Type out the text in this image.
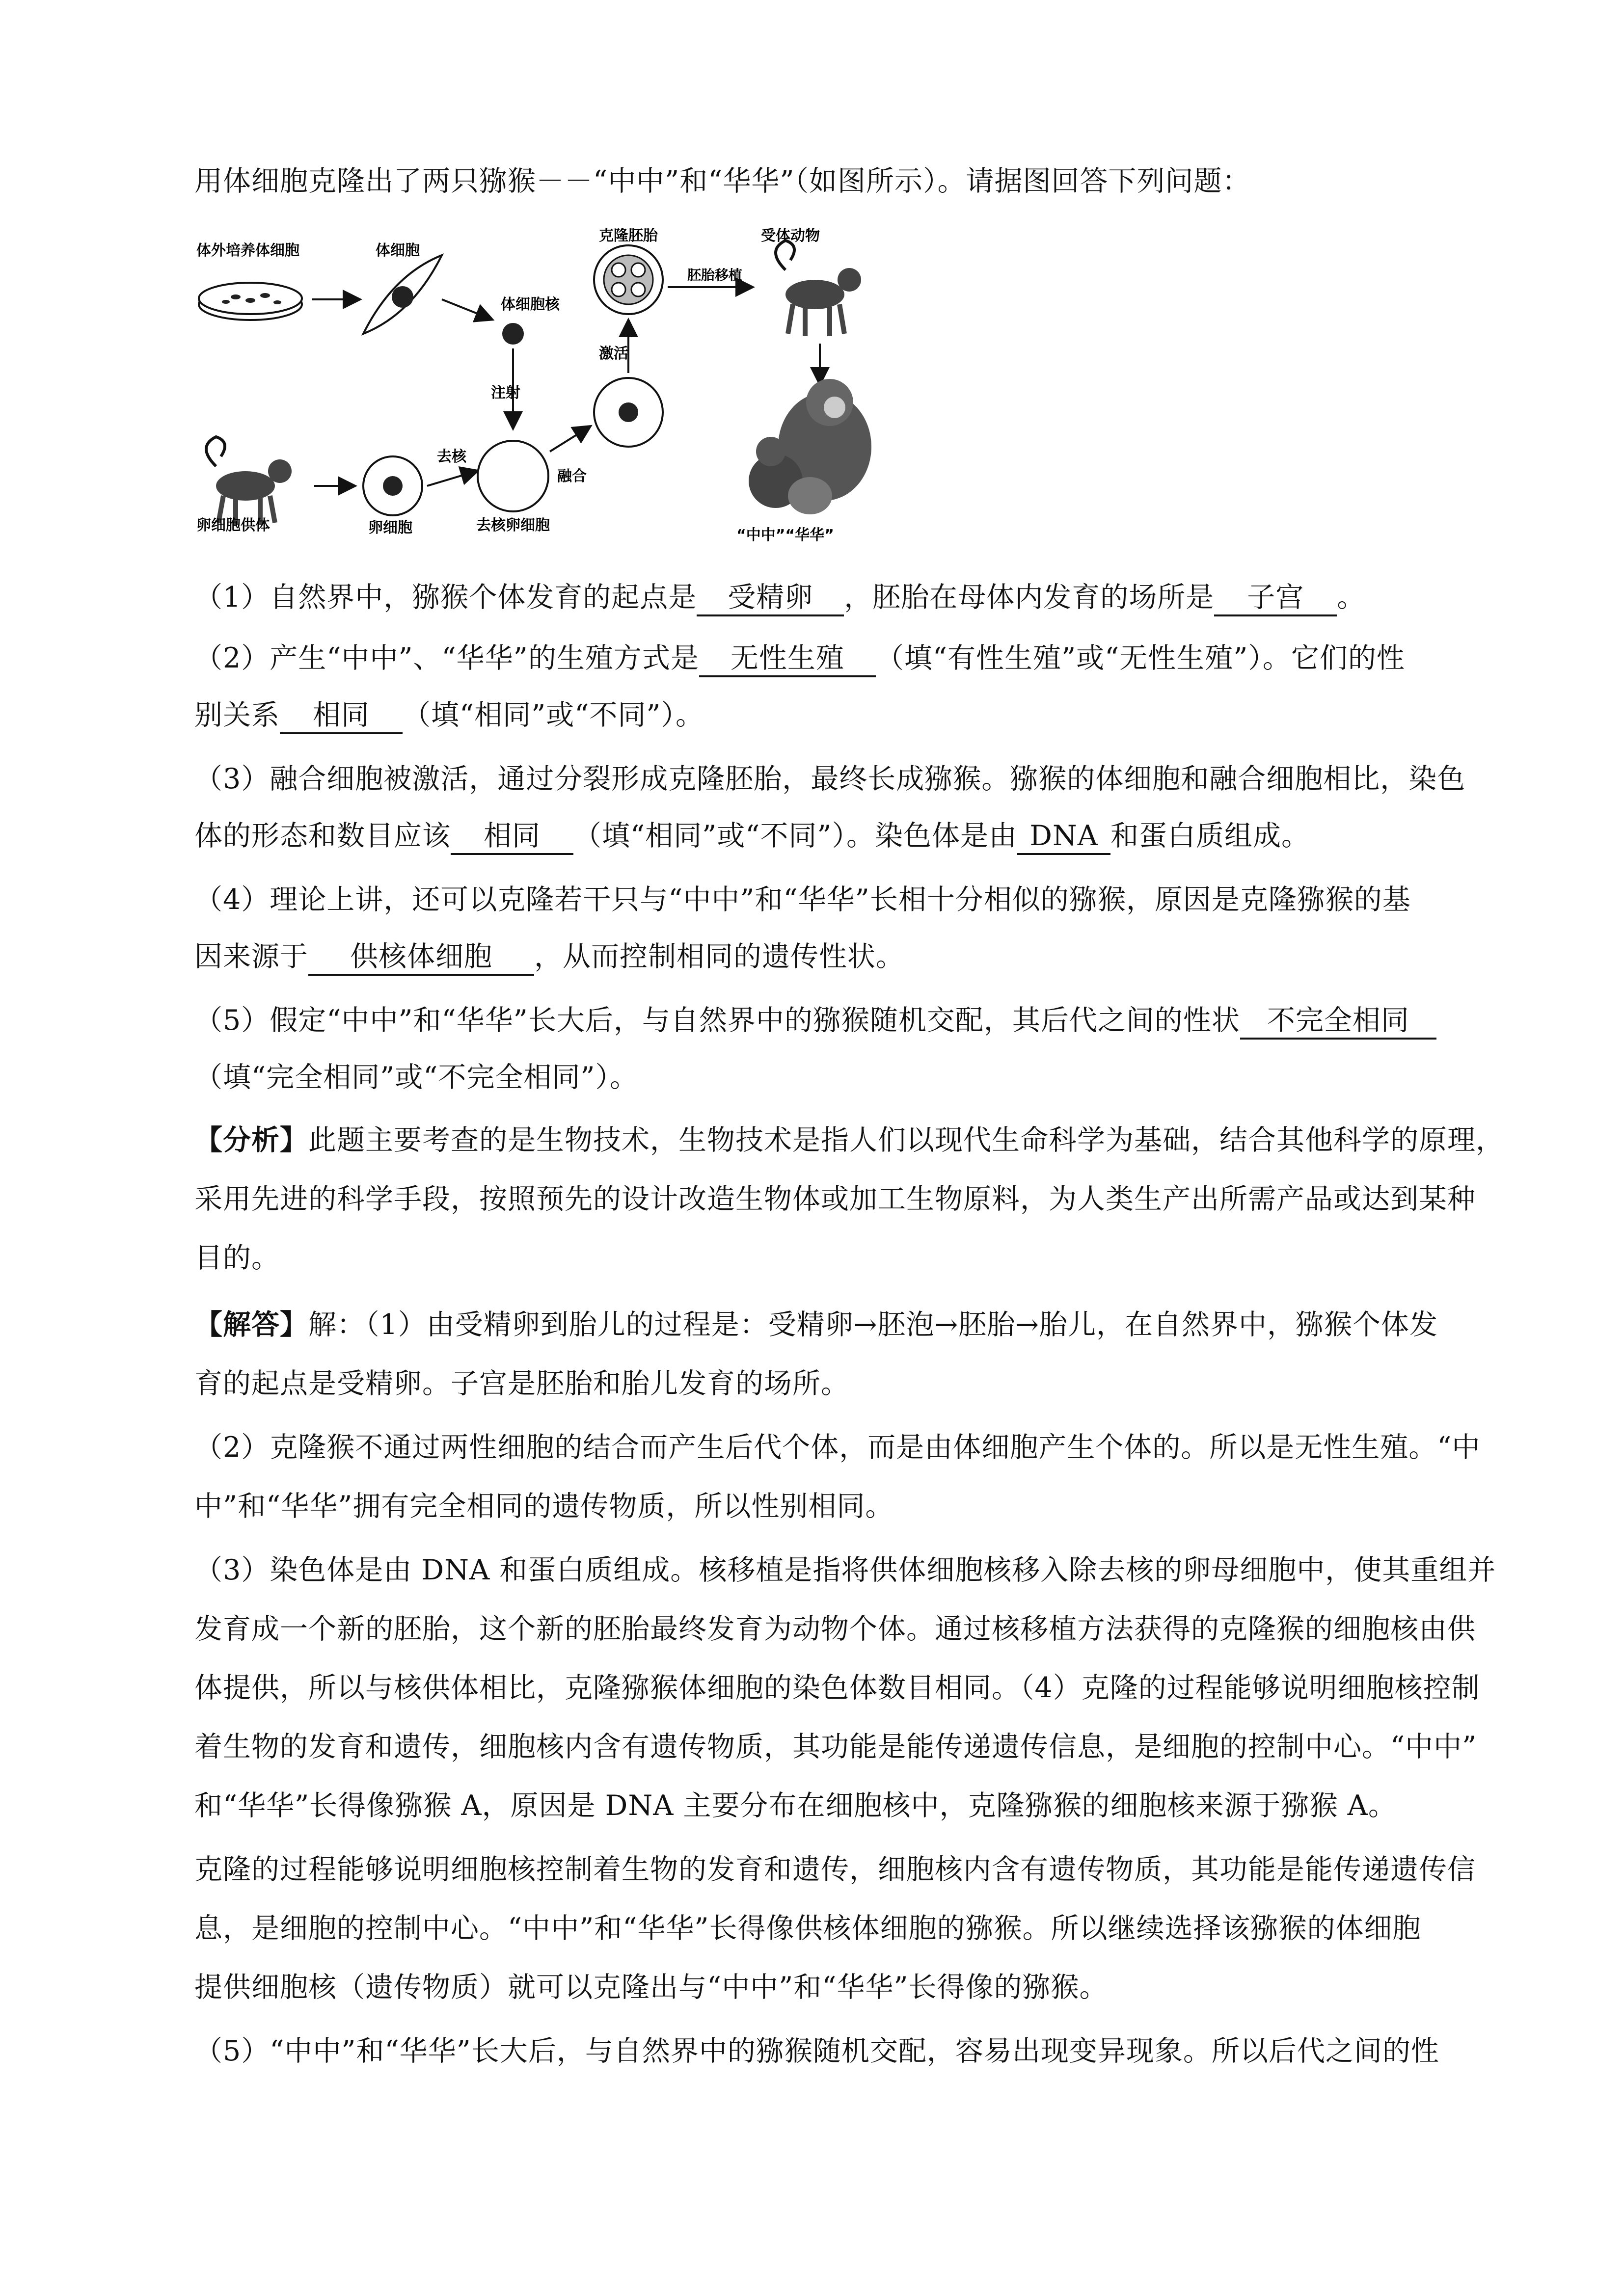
用体细胞克隆出了两只猕猴－－“中中”和“华华”（如图所示）。请据图回答下列问题：
体外培养体细胞	体细胞
体细胞核
克隆胚胎
胚胎移植
受体动物
注射
“中中”“华华”
卵细胞供体	卵细胞
去核
去核卵细胞
融合
激活
（1）自然界中，猕猴个体发育的起点是 受精卵 ，胚胎在母体内发育的场所是 子宫 。
（2）产生“中中”、“华华”的生殖方式是 无性生殖 （填“有性生殖”或“无性生殖”）。它们的性
别关系 相同 （填“相同”或“不同”）。
（3）融合细胞被激活，通过分裂形成克隆胚胎，最终长成猕猴。猕猴的体细胞和融合细胞相比，染色
体的形态和数目应该 相同 （填“相同”或“不同”）。染色体是由 DNA 和蛋白质组成。
（4）理论上讲，还可以克隆若干只与“中中”和“华华”长相十分相似的猕猴，原因是克隆猕猴的基
因来源于 供核体细胞 ，从而控制相同的遗传性状。
（5）假定“中中”和“华华”长大后，与自然界中的猕猴随机交配，其后代之间的性状 不完全相同
（填“完全相同”或“不完全相同”）。
【分析】此题主要考查的是生物技术，生物技术是指人们以现代生命科学为基础，结合其他科学的原理，
采用先进的科学手段，按照预先的设计改造生物体或加工生物原料，为人类生产出所需产品或达到某种
目的。
【解答】解：（1）由受精卵到胎儿的过程是：受精卵→胚泡→胚胎→胎儿，在自然界中，猕猴个体发
育的起点是受精卵。子宫是胚胎和胎儿发育的场所。
（2）克隆猴不通过两性细胞的结合而产生后代个体，而是由体细胞产生个体的。所以是无性生殖。“中
中”和“华华”拥有完全相同的遗传物质，所以性别相同。
（3）染色体是由 DNA 和蛋白质组成。核移植是指将供体细胞核移入除去核的卵母细胞中，使其重组并
发育成一个新的胚胎，这个新的胚胎最终发育为动物个体。通过核移植方法获得的克隆猴的细胞核由供
体提供，所以与核供体相比，克隆猕猴体细胞的染色体数目相同。（4）克隆的过程能够说明细胞核控制
着生物的发育和遗传，细胞核内含有遗传物质，其功能是能传递遗传信息，是细胞的控制中心。“中中”
和“华华”长得像猕猴 A，原因是 DNA 主要分布在细胞核中，克隆猕猴的细胞核来源于猕猴 A。
克隆的过程能够说明细胞核控制着生物的发育和遗传，细胞核内含有遗传物质，其功能是能传递遗传信
息，是细胞的控制中心。“中中”和“华华”长得像供核体细胞的猕猴。所以继续选择该猕猴的体细胞
提供细胞核（遗传物质）就可以克隆出与“中中”和“华华”长得像的猕猴。
（5）“中中”和“华华”长大后，与自然界中的猕猴随机交配，容易出现变异现象。所以后代之间的性
